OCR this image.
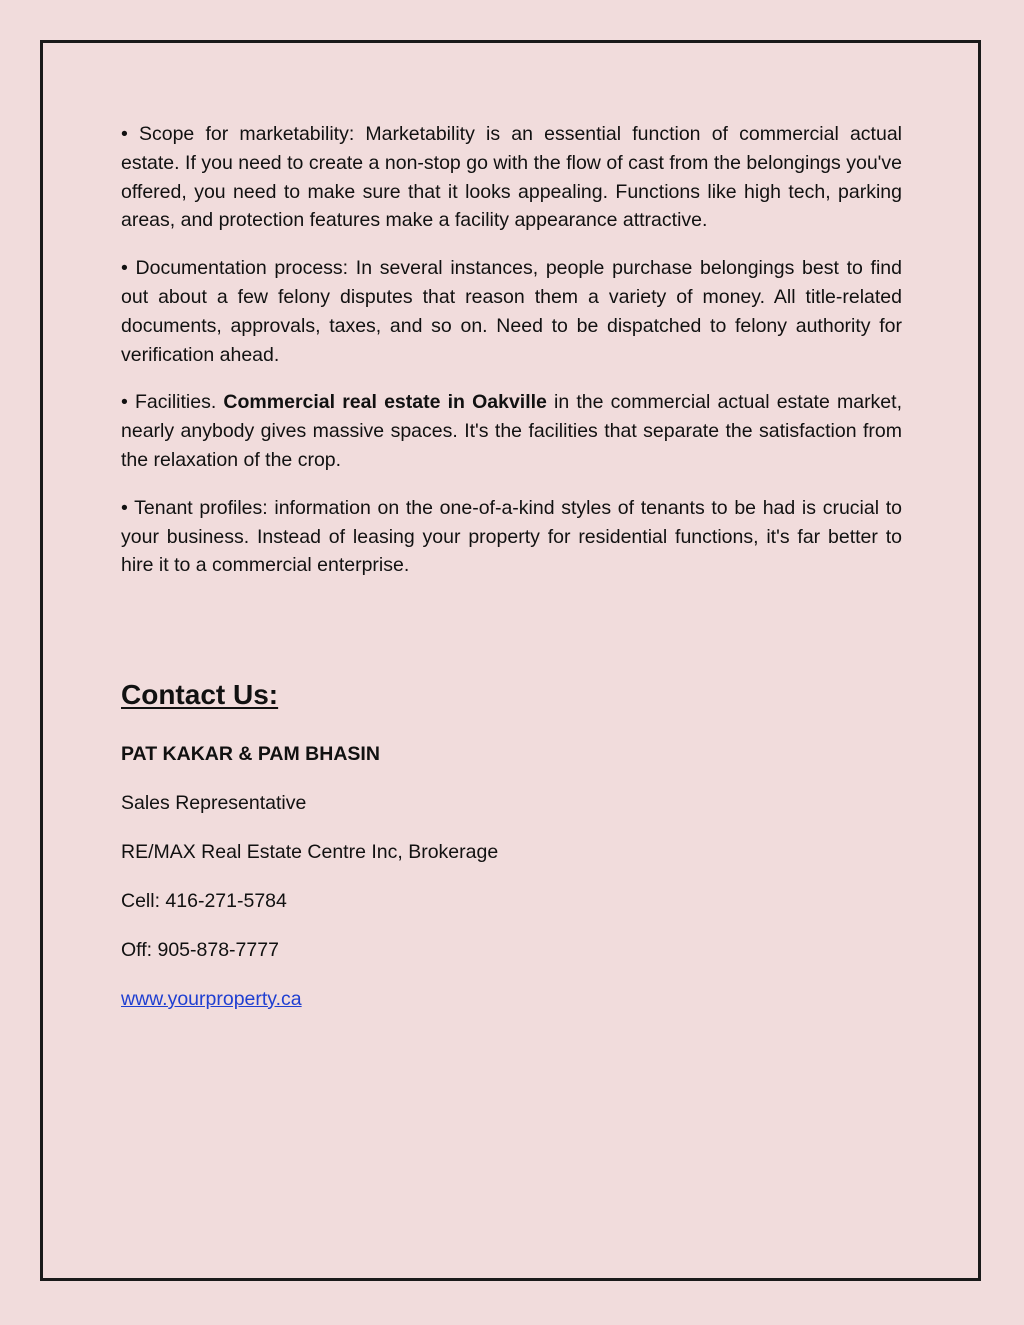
• Scope for marketability: Marketability is an essential function of commercial actual estate. If you need to create a non-stop go with the flow of cast from the belongings you've offered, you need to make sure that it looks appealing. Functions like high tech, parking areas, and protection features make a facility appearance attractive.

• Documentation process: In several instances, people purchase belongings best to find out about a few felony disputes that reason them a variety of money. All title-related documents, approvals, taxes, and so on. Need to be dispatched to felony authority for verification ahead.

• Facilities. Commercial real estate in Oakville in the commercial actual estate market, nearly anybody gives massive spaces. It's the facilities that separate the satisfaction from the relaxation of the crop.

• Tenant profiles: information on the one-of-a-kind styles of tenants to be had is crucial to your business. Instead of leasing your property for residential functions, it's far better to hire it to a commercial enterprise.

Contact Us:

PAT KAKAR & PAM BHASIN

Sales Representative

RE/MAX Real Estate Centre Inc, Brokerage

Cell: 416-271-5784

Off: 905-878-7777

www.yourproperty.ca
